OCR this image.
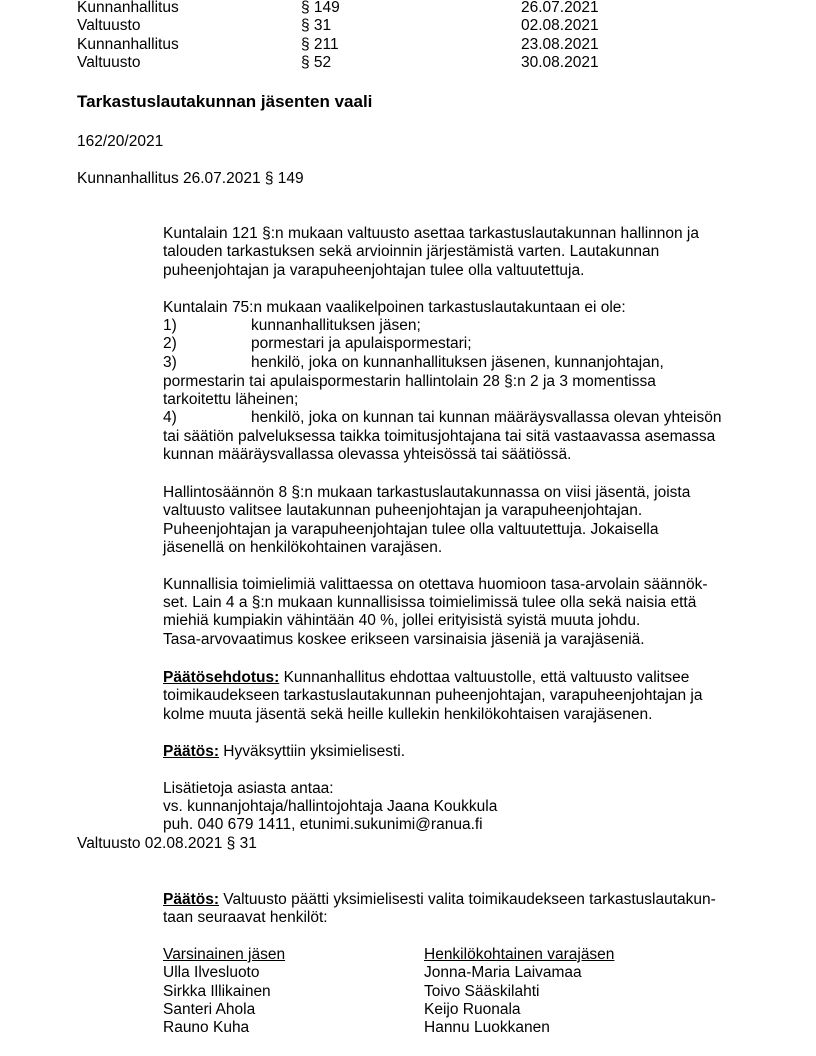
Kunnanhallitus	§ 149	26.07.2021
Valtuusto	§ 31	02.08.2021
Kunnanhallitus	§ 211	23.08.2021
Valtuusto	§ 52	30.08.2021
Tarkastuslautakunnan jäsenten vaali
162/20/2021
Kunnanhallitus 26.07.2021 § 149
Kuntalain 121 §:n mukaan valtuusto asettaa tarkastuslautakunnan hallinnon ja
talouden tarkastuksen sekä arvioinnin järjestämistä varten. Lautakunnan
puheenjohtajan ja varapuheenjohtajan tulee olla valtuutettuja.
Kuntalain 75:n mukaan vaalikelpoinen tarkastuslautakuntaan ei ole:
1)	kunnanhallituksen jäsen;
2)	pormestari ja apulaispormestari;
3)	henkilö, joka on kunnanhallituksen jäsenen, kunnanjohtajan,
pormestarin tai apulaispormestarin hallintolain 28 §:n 2 ja 3 momentissa
tarkoitettu läheinen;
4)	henkilö, joka on kunnan tai kunnan määräysvallassa olevan yhteisön
tai säätiön palveluksessa taikka toimitusjohtajana tai sitä vastaavassa asemassa
kunnan määräysvallassa olevassa yhteisössä tai säätiössä.
Hallintosäännön 8 §:n mukaan tarkastuslautakunnassa on viisi jäsentä, joista
valtuusto valitsee lautakunnan puheenjohtajan ja varapuheenjohtajan.
Puheenjohtajan ja varapuheenjohtajan tulee olla valtuutettuja. Jokaisella
jäsenellä on henkilökohtainen varajäsen.
Kunnallisia toimielimiä valittaessa on otettava huomioon tasa-arvolain säännök-
set. Lain 4 a §:n mukaan kunnallisissa toimielimissä tulee olla sekä naisia että
miehiä kumpiakin vähintään 40 %, jollei erityisistä syistä muuta johdu.
Tasa-arvovaatimus koskee erikseen varsinaisia jäseniä ja varajäseniä.
Päätösehdotus: Kunnanhallitus ehdottaa valtuustolle, että valtuusto valitsee
toimikaudekseen tarkastuslautakunnan puheenjohtajan, varapuheenjohtajan ja
kolme muuta jäsentä sekä heille kullekin henkilökohtaisen varajäsenen.
Päätös: Hyväksyttiin yksimielisesti.
Lisätietoja asiasta antaa:
vs. kunnanjohtaja/hallintojohtaja Jaana Koukkula
puh. 040 679 1411, etunimi.sukunimi@ranua.fi
Valtuusto 02.08.2021 § 31
Päätös: Valtuusto päätti yksimielisesti valita toimikaudekseen tarkastuslautakun-
taan seuraavat henkilöt:
Varsinainen jäsen	Henkilökohtainen varajäsen
Ulla Ilvesluoto	Jonna-Maria Laivamaa
Sirkka Illikainen	Toivo Sääskilahti
Santeri Ahola	Keijo Ruonala
Rauno Kuha	Hannu Luokkanen
